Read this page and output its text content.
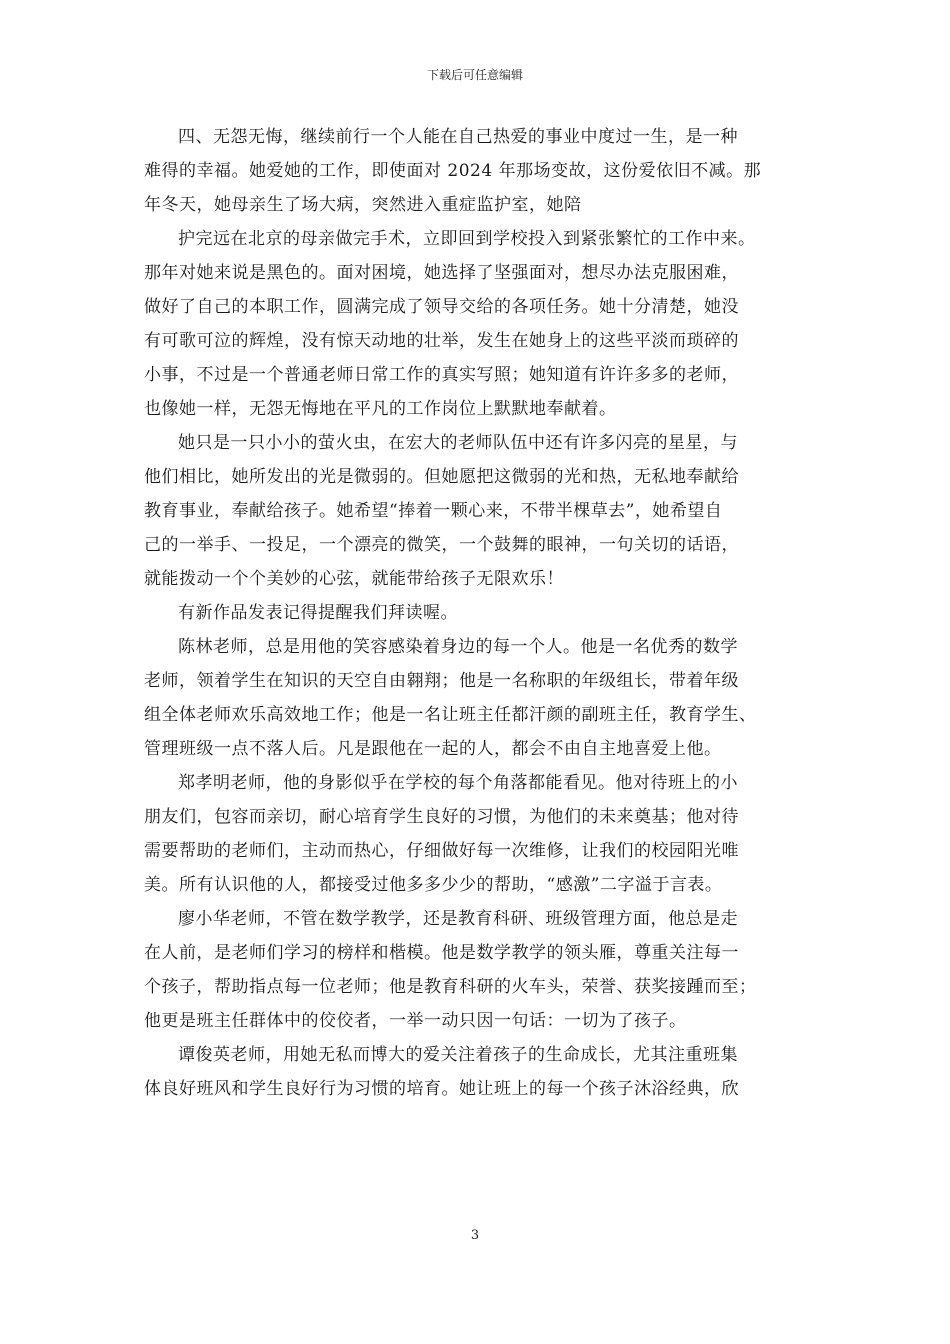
下载后可任意编辑
四、无怨无悔，继续前行一个人能在自己热爱的事业中度过一生，是一种
难得的幸福。她爱她的工作，即使面对 2024 年那场变故，这份爱依旧不减。那
年冬天，她母亲生了场大病，突然进入重症监护室，她陪
护完远在北京的母亲做完手术，立即回到学校投入到紧张繁忙的工作中来。
那年对她来说是黑色的。面对困境，她选择了坚强面对，想尽办法克服困难，
做好了自己的本职工作，圆满完成了领导交给的各项任务。她十分清楚，她没
有可歌可泣的辉煌，没有惊天动地的壮举，发生在她身上的这些平淡而琐碎的
小事，不过是一个普通老师日常工作的真实写照；她知道有许许多多的老师，
也像她一样，无怨无悔地在平凡的工作岗位上默默地奉献着。
她只是一只小小的萤火虫，在宏大的老师队伍中还有许多闪亮的星星，与
他们相比，她所发出的光是微弱的。但她愿把这微弱的光和热，无私地奉献给
教育事业，奉献给孩子。她希望“捧着一颗心来，不带半棵草去”，她希望自
己的一举手、一投足，一个漂亮的微笑，一个鼓舞的眼神，一句关切的话语，
就能拨动一个个美妙的心弦，就能带给孩子无限欢乐！
有新作品发表记得提醒我们拜读喔。
陈林老师，总是用他的笑容感染着身边的每一个人。他是一名优秀的数学
老师，领着学生在知识的天空自由翱翔；他是一名称职的年级组长，带着年级
组全体老师欢乐高效地工作；他是一名让班主任都汗颜的副班主任，教育学生、
管理班级一点不落人后。凡是跟他在一起的人，都会不由自主地喜爱上他。
郑孝明老师，他的身影似乎在学校的每个角落都能看见。他对待班上的小
朋友们，包容而亲切，耐心培育学生良好的习惯，为他们的未来奠基；他对待
需要帮助的老师们，主动而热心，仔细做好每一次维修，让我们的校园阳光唯
美。所有认识他的人，都接受过他多多少少的帮助，“感激”二字溢于言表。
廖小华老师，不管在数学教学，还是教育科研、班级管理方面，他总是走
在人前，是老师们学习的榜样和楷模。他是数学教学的领头雁，尊重关注每一
个孩子，帮助指点每一位老师；他是教育科研的火车头，荣誉、获奖接踵而至；
他更是班主任群体中的佼佼者，一举一动只因一句话：一切为了孩子。
谭俊英老师，用她无私而博大的爱关注着孩子的生命成长，尤其注重班集
体良好班风和学生良好行为习惯的培育。她让班上的每一个孩子沐浴经典，欣
3
